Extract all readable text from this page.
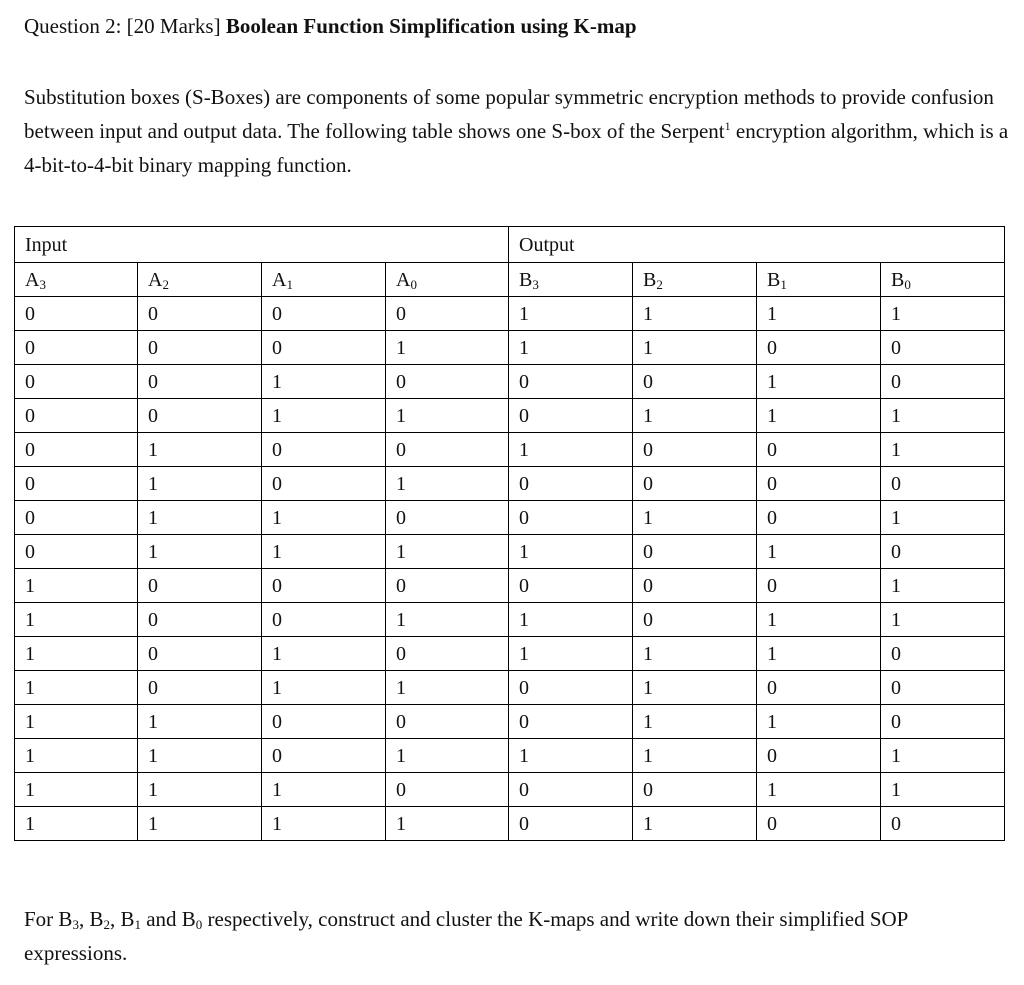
Question 2: [20 Marks] Boolean Function Simplification using K-map
Substitution boxes (S-Boxes) are components of some popular symmetric encryption methods to provide confusion between input and output data. The following table shows one S-box of the Serpent$^1$ encryption algorithm, which is a 4-bit-to-4-bit binary mapping function.
Input				Output			
$A_3$	$A_2$	$A_1$	$A_0$	$B_3$	$B_2$	$B_1$	$B_0$
0	0	0	0	1	1	1	1
0	0	0	1	1	1	0	0
0	0	1	0	0	0	1	0
0	0	1	1	0	1	1	1
0	1	0	0	1	0	0	1
0	1	0	1	0	0	0	0
0	1	1	0	0	1	0	1
0	1	1	1	1	0	1	0
1	0	0	0	0	0	0	1
1	0	0	1	1	0	1	1
1	0	1	0	1	1	1	0
1	0	1	1	0	1	0	0
1	1	0	0	0	1	1	0
1	1	0	1	1	1	0	1
1	1	1	0	0	0	1	1
1	1	1	1	0	1	0	0
For $B_3$, $B_2$, $B_1$ and $B_0$ respectively, construct and cluster the K-maps and write down their simplified SOP expressions.
